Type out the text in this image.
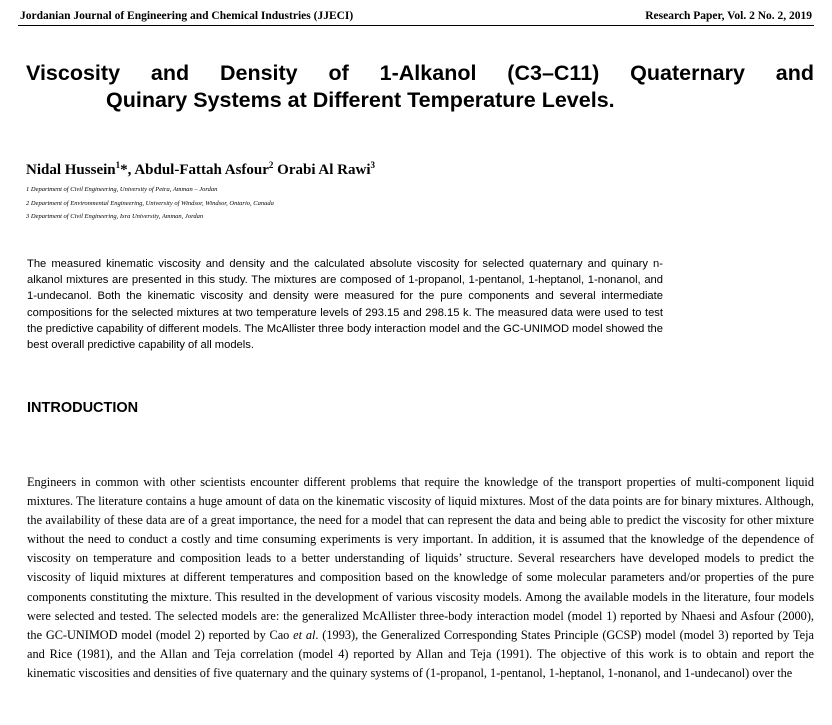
Jordanian Journal of Engineering and Chemical Industries (JJECI)	Research Paper, Vol. 2 No. 2, 2019
Viscosity and Density of 1-Alkanol (C3–C11) Quaternary and
Quinary Systems at Different Temperature Levels.
Nidal Hussein$^1$*, Abdul-Fattah Asfour$^2$ Orabi Al Rawi$^3$
1 Department of Civil Engineering, University of Petra, Amman – Jordan
2 Department of Environmental Engineering, University of Windsor, Windsor, Ontario, Canada
3 Department of Civil Engineering, Isra University, Amman, Jordan
The measured kinematic viscosity and density and the calculated absolute viscosity for selected quaternary and quinary n-alkanol mixtures are presented in this study. The mixtures are composed of 1-propanol, 1-pentanol, 1-heptanol, 1-nonanol, and 1-undecanol. Both the kinematic viscosity and density were measured for the pure components and several intermediate compositions for the selected mixtures at two temperature levels of 293.15 and 298.15 k. The measured data were used to test the predictive capability of different models. The McAllister three body interaction model and the GC-UNIMOD model showed the best overall predictive capability of all models.
INTRODUCTION
Engineers in common with other scientists encounter different problems that require the knowledge of the transport properties of multi-component liquid mixtures. The literature contains a huge amount of data on the kinematic viscosity of liquid mixtures. Most of the data points are for binary mixtures. Although, the availability of these data are of a great importance, the need for a model that can represent the data and being able to predict the viscosity for other mixture without the need to conduct a costly and time consuming experiments is very important. In addition, it is assumed that the knowledge of the dependence of viscosity on temperature and composition leads to a better understanding of liquids’ structure. Several researchers have developed models to predict the viscosity of liquid mixtures at different temperatures and composition based on the knowledge of some molecular parameters and/or properties of the pure components constituting the mixture. This resulted in the development of various viscosity models. Among the available models in the literature, four models were selected and tested. The selected models are: the generalized McAllister three-body interaction model (model 1) reported by Nhaesi and Asfour (2000), the GC-UNIMOD model (model 2) reported by Cao et al. (1993), the Generalized Corresponding States Principle (GCSP) model (model 3) reported by Teja and Rice (1981), and the Allan and Teja correlation (model 4) reported by Allan and Teja (1991). The objective of this work is to obtain and report the kinematic viscosities and densities of five quaternary and the quinary systems of (1-propanol, 1-pentanol, 1-heptanol, 1-nonanol, and 1-undecanol) over the
